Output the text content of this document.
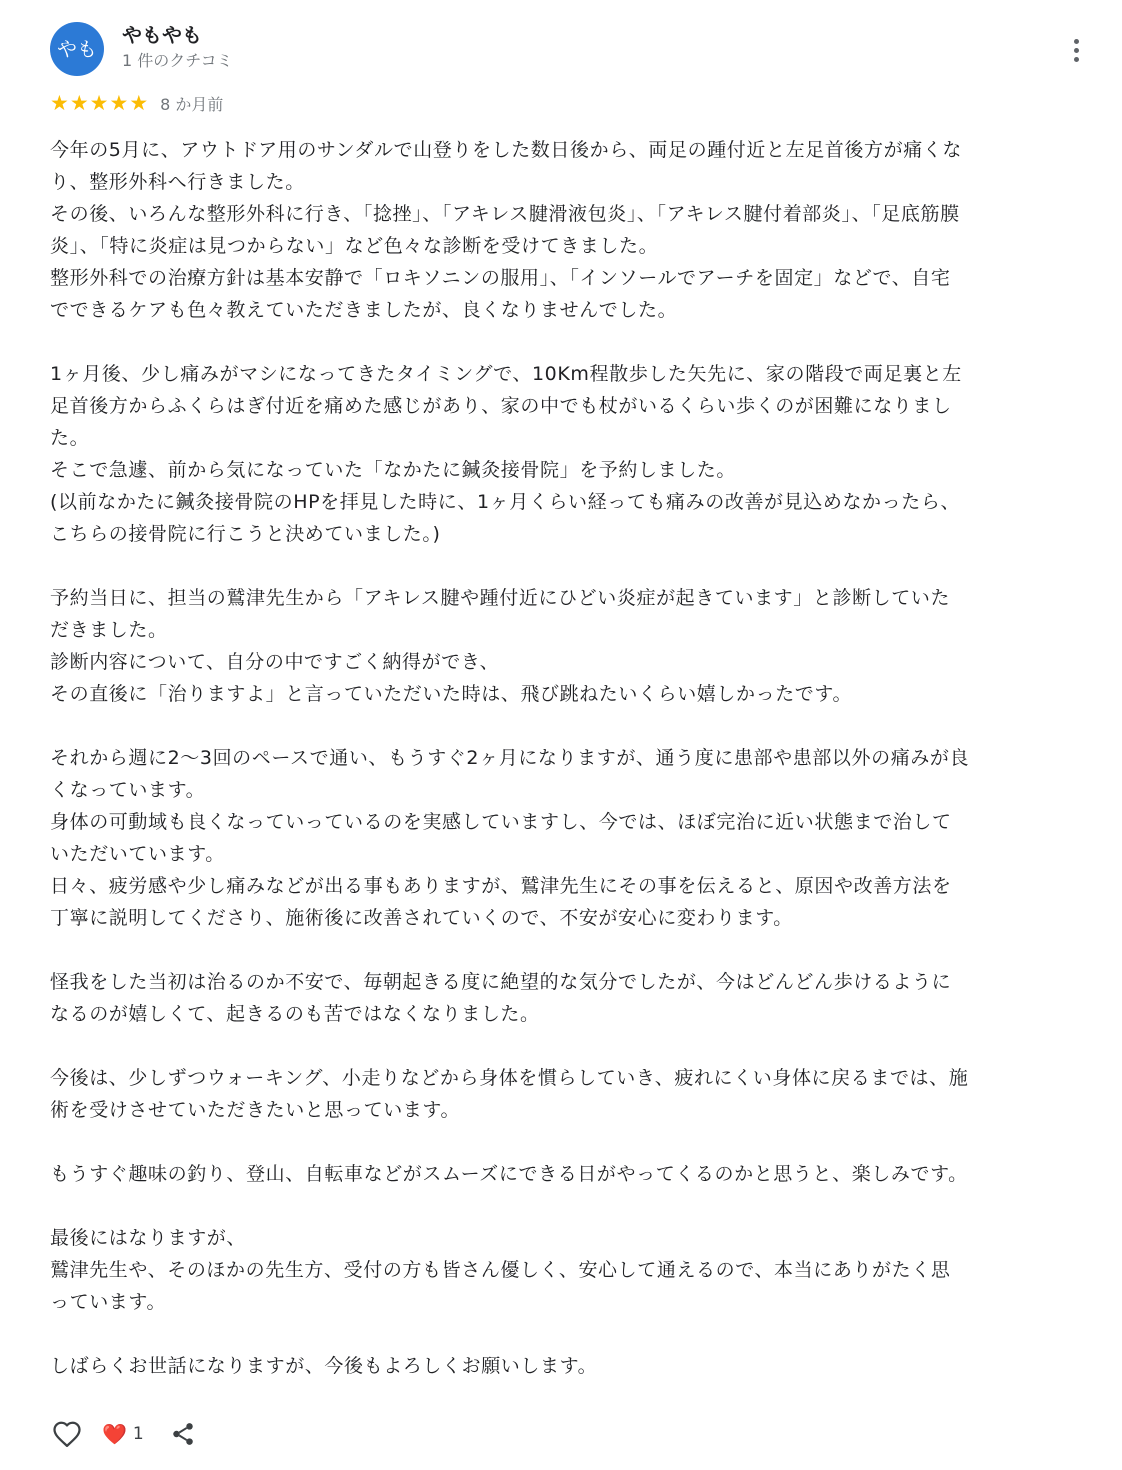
やも
やもやも
1 件のクチコミ
★ ★ ★ ★ ★ 8 か月前
今年の5月に、アウトドア用のサンダルで山登りをした数日後から、両足の踵付近と左足首後方が痛くな
り、整形外科へ行きました。
その後、いろんな整形外科に行き、「捻挫」、「アキレス腱滑液包炎」、「アキレス腱付着部炎」、「足底筋膜
炎」、「特に炎症は見つからない」など色々な診断を受けてきました。
整形外科での治療方針は基本安静で「ロキソニンの服用」、「インソールでアーチを固定」などで、自宅
でできるケアも色々教えていただきましたが、良くなりませんでした。
1ヶ月後、少し痛みがマシになってきたタイミングで、10Km程散歩した矢先に、家の階段で両足裏と左
足首後方からふくらはぎ付近を痛めた感じがあり、家の中でも杖がいるくらい歩くのが困難になりまし
た。
そこで急遽、前から気になっていた「なかたに鍼灸接骨院」を予約しました。
(以前なかたに鍼灸接骨院のHPを拝見した時に、1ヶ月くらい経っても痛みの改善が見込めなかったら、
こちらの接骨院に行こうと決めていました。)
予約当日に、担当の鷲津先生から「アキレス腱や踵付近にひどい炎症が起きています」と診断していた
だきました。
診断内容について、自分の中ですごく納得ができ、
その直後に「治りますよ」と言っていただいた時は、飛び跳ねたいくらい嬉しかったです。
それから週に2〜3回のペースで通い、もうすぐ2ヶ月になりますが、通う度に患部や患部以外の痛みが良
くなっています。
身体の可動域も良くなっていっているのを実感していますし、今では、ほぼ完治に近い状態まで治して
いただいています。
日々、疲労感や少し痛みなどが出る事もありますが、鷲津先生にその事を伝えると、原因や改善方法を
丁寧に説明してくださり、施術後に改善されていくので、不安が安心に変わります。
怪我をした当初は治るのか不安で、毎朝起きる度に絶望的な気分でしたが、今はどんどん歩けるように
なるのが嬉しくて、起きるのも苦ではなくなりました。
今後は、少しずつウォーキング、小走りなどから身体を慣らしていき、疲れにくい身体に戻るまでは、施
術を受けさせていただきたいと思っています。
もうすぐ趣味の釣り、登山、自転車などがスムーズにできる日がやってくるのかと思うと、楽しみです。
最後にはなりますが、
鷲津先生や、そのほかの先生方、受付の方も皆さん優しく、安心して通えるので、本当にありがたく思
っています。
しばらくお世話になりますが、今後もよろしくお願いします。
❤️ 1
